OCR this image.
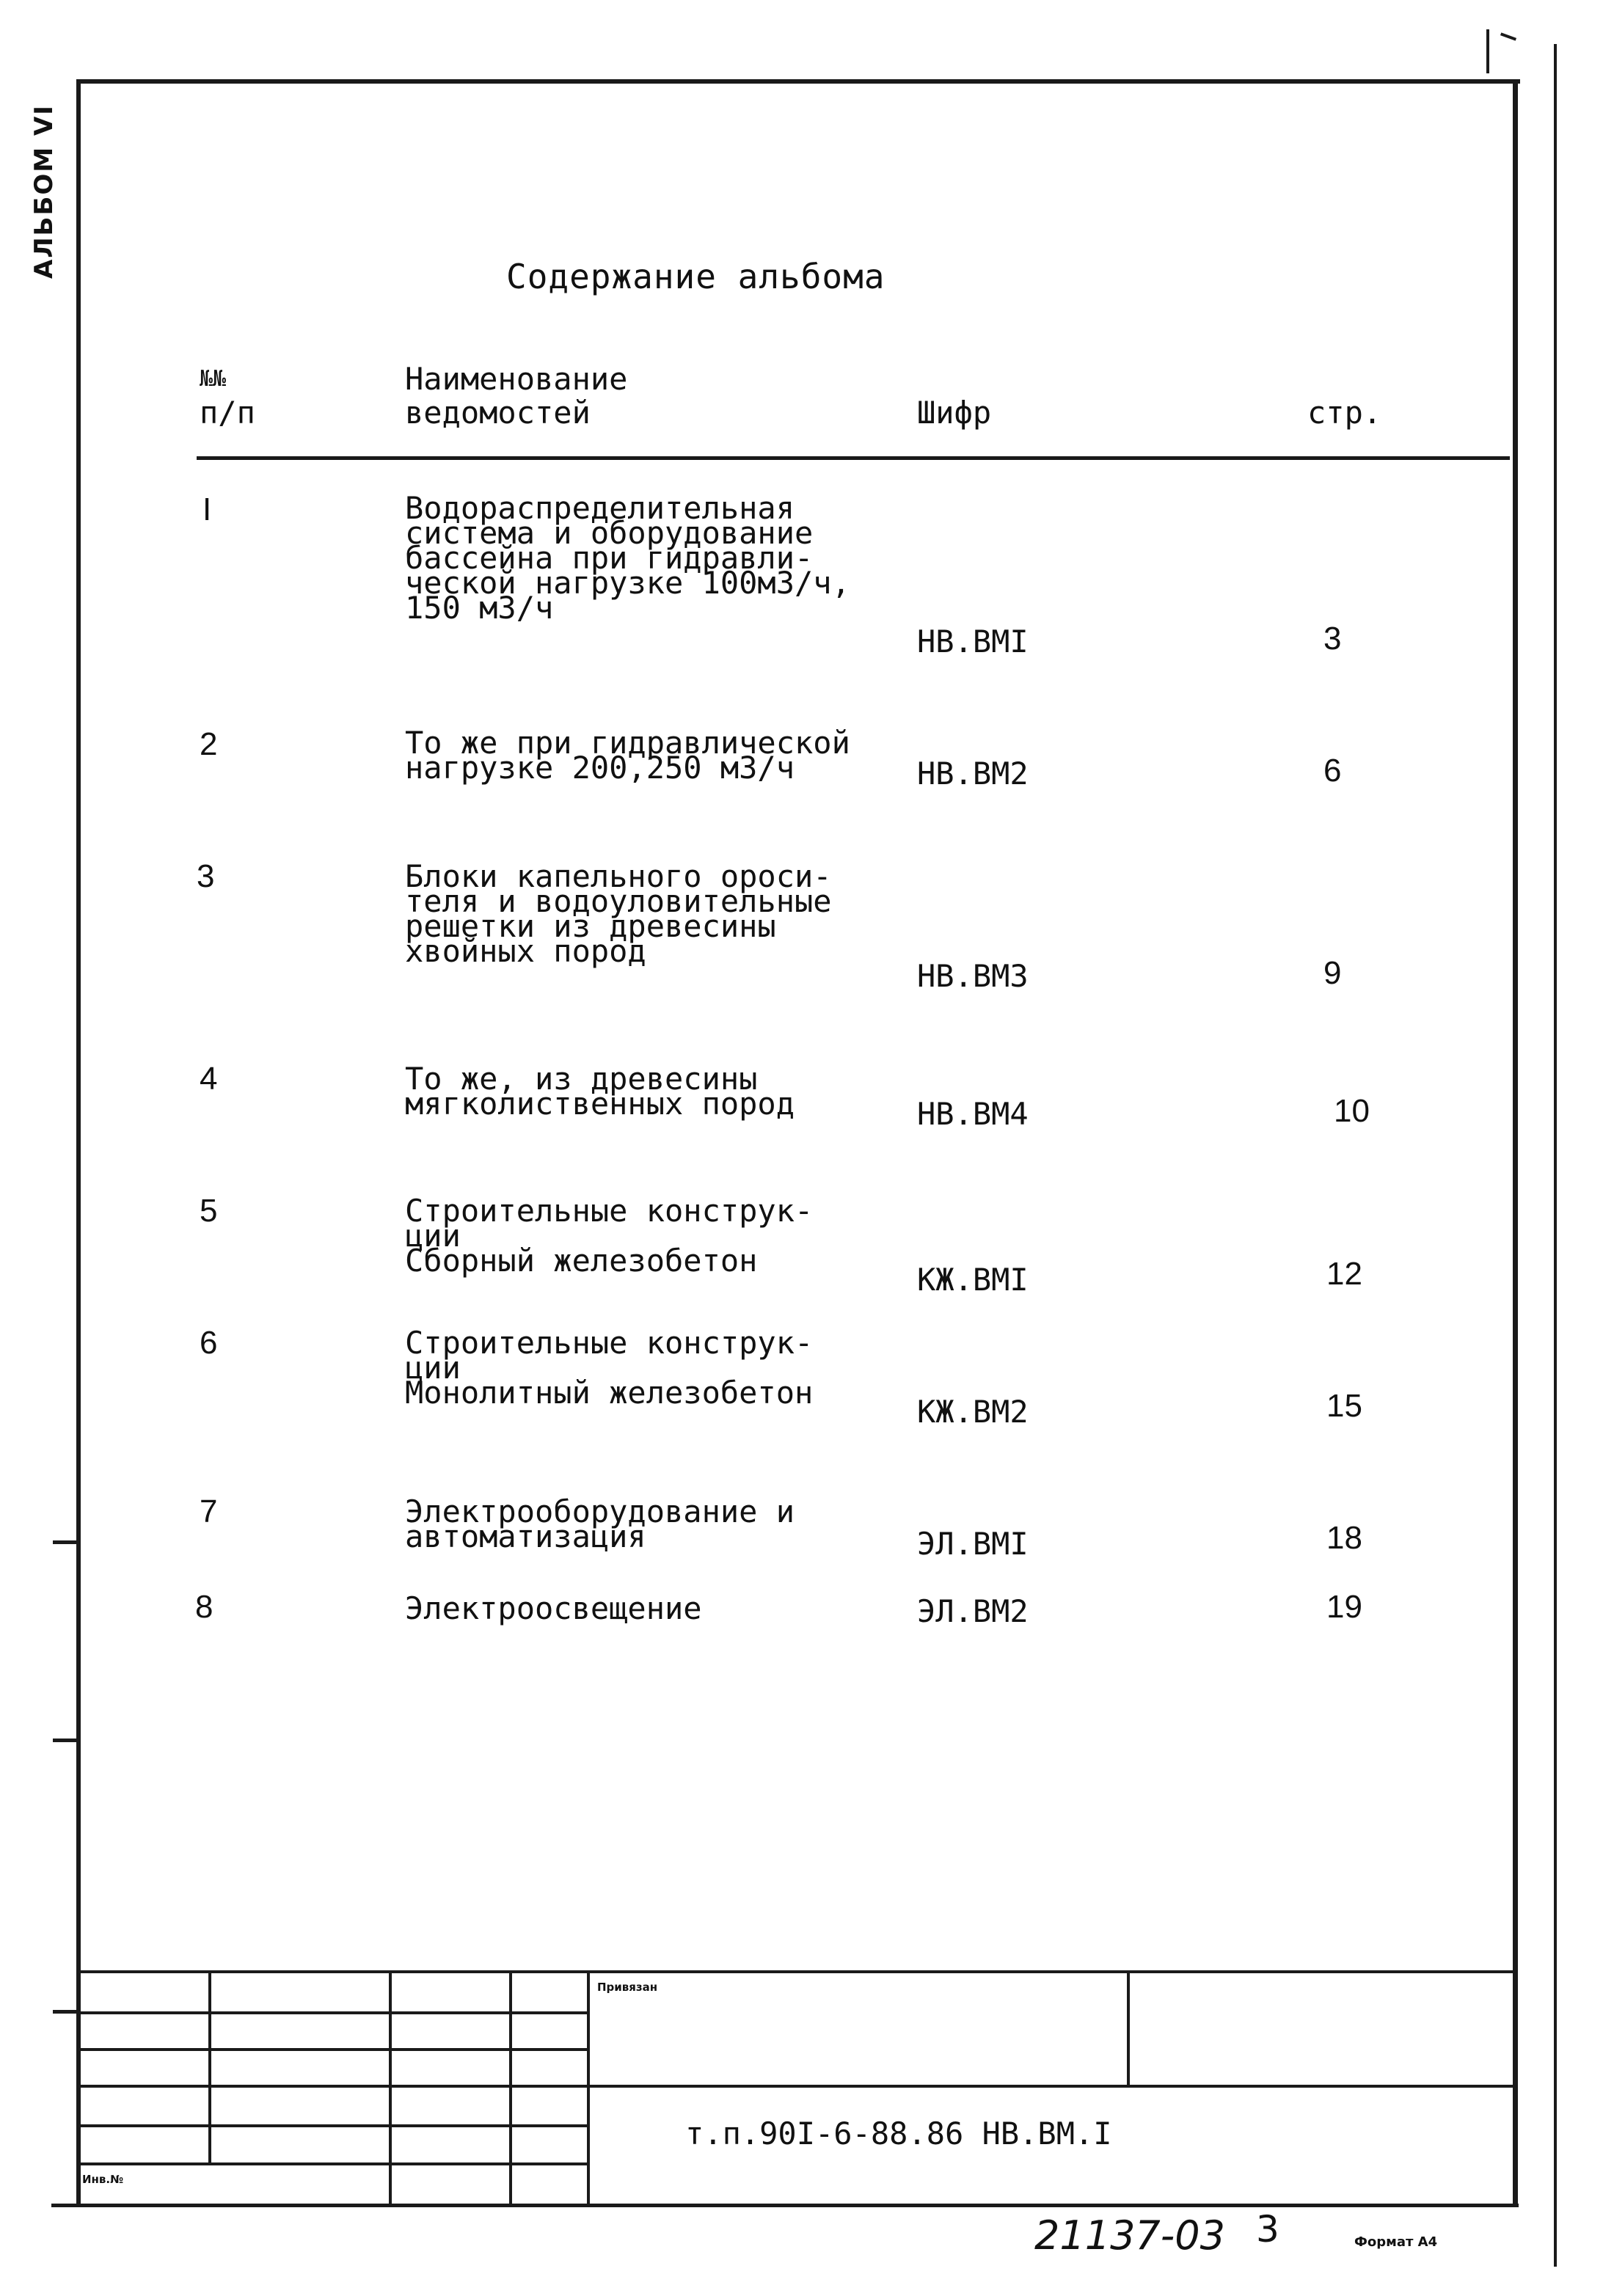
АЛЬБОМ VI	Содержание альбома
№№
п/п
Наименование
ведомостей	Шифр	стр.
I	Водораспределительная
система и оборудование
бассейна при гидравли-
ческой нагрузке 100м3/ч,
150 м3/ч
НВ.ВМI	3
2	То же при гидравлической
нагрузке 200,250 м3/ч	НВ.ВМ2	6
3	Блоки капельного ороси-
теля и водоуловительные
решетки из древесины
хвойных пород
НВ.ВМ3	9
4	То же, из древесины
мягколиственных пород	НВ.ВМ4	10
5	Строительные конструк-
ции
Сборный железобетон
КЖ.ВМI	12
6	Строительные конструк-
ции
Монолитный железобетон
КЖ.ВМ2	15
7	Электрооборудование и
автоматизация	ЭЛ.ВМI	18
8	Электроосвещение	ЭЛ.ВМ2	19
Привязан
Инв.№
т.п.90I-6-88.86 НВ.ВМ.I
21137-03 3	Формат А4
